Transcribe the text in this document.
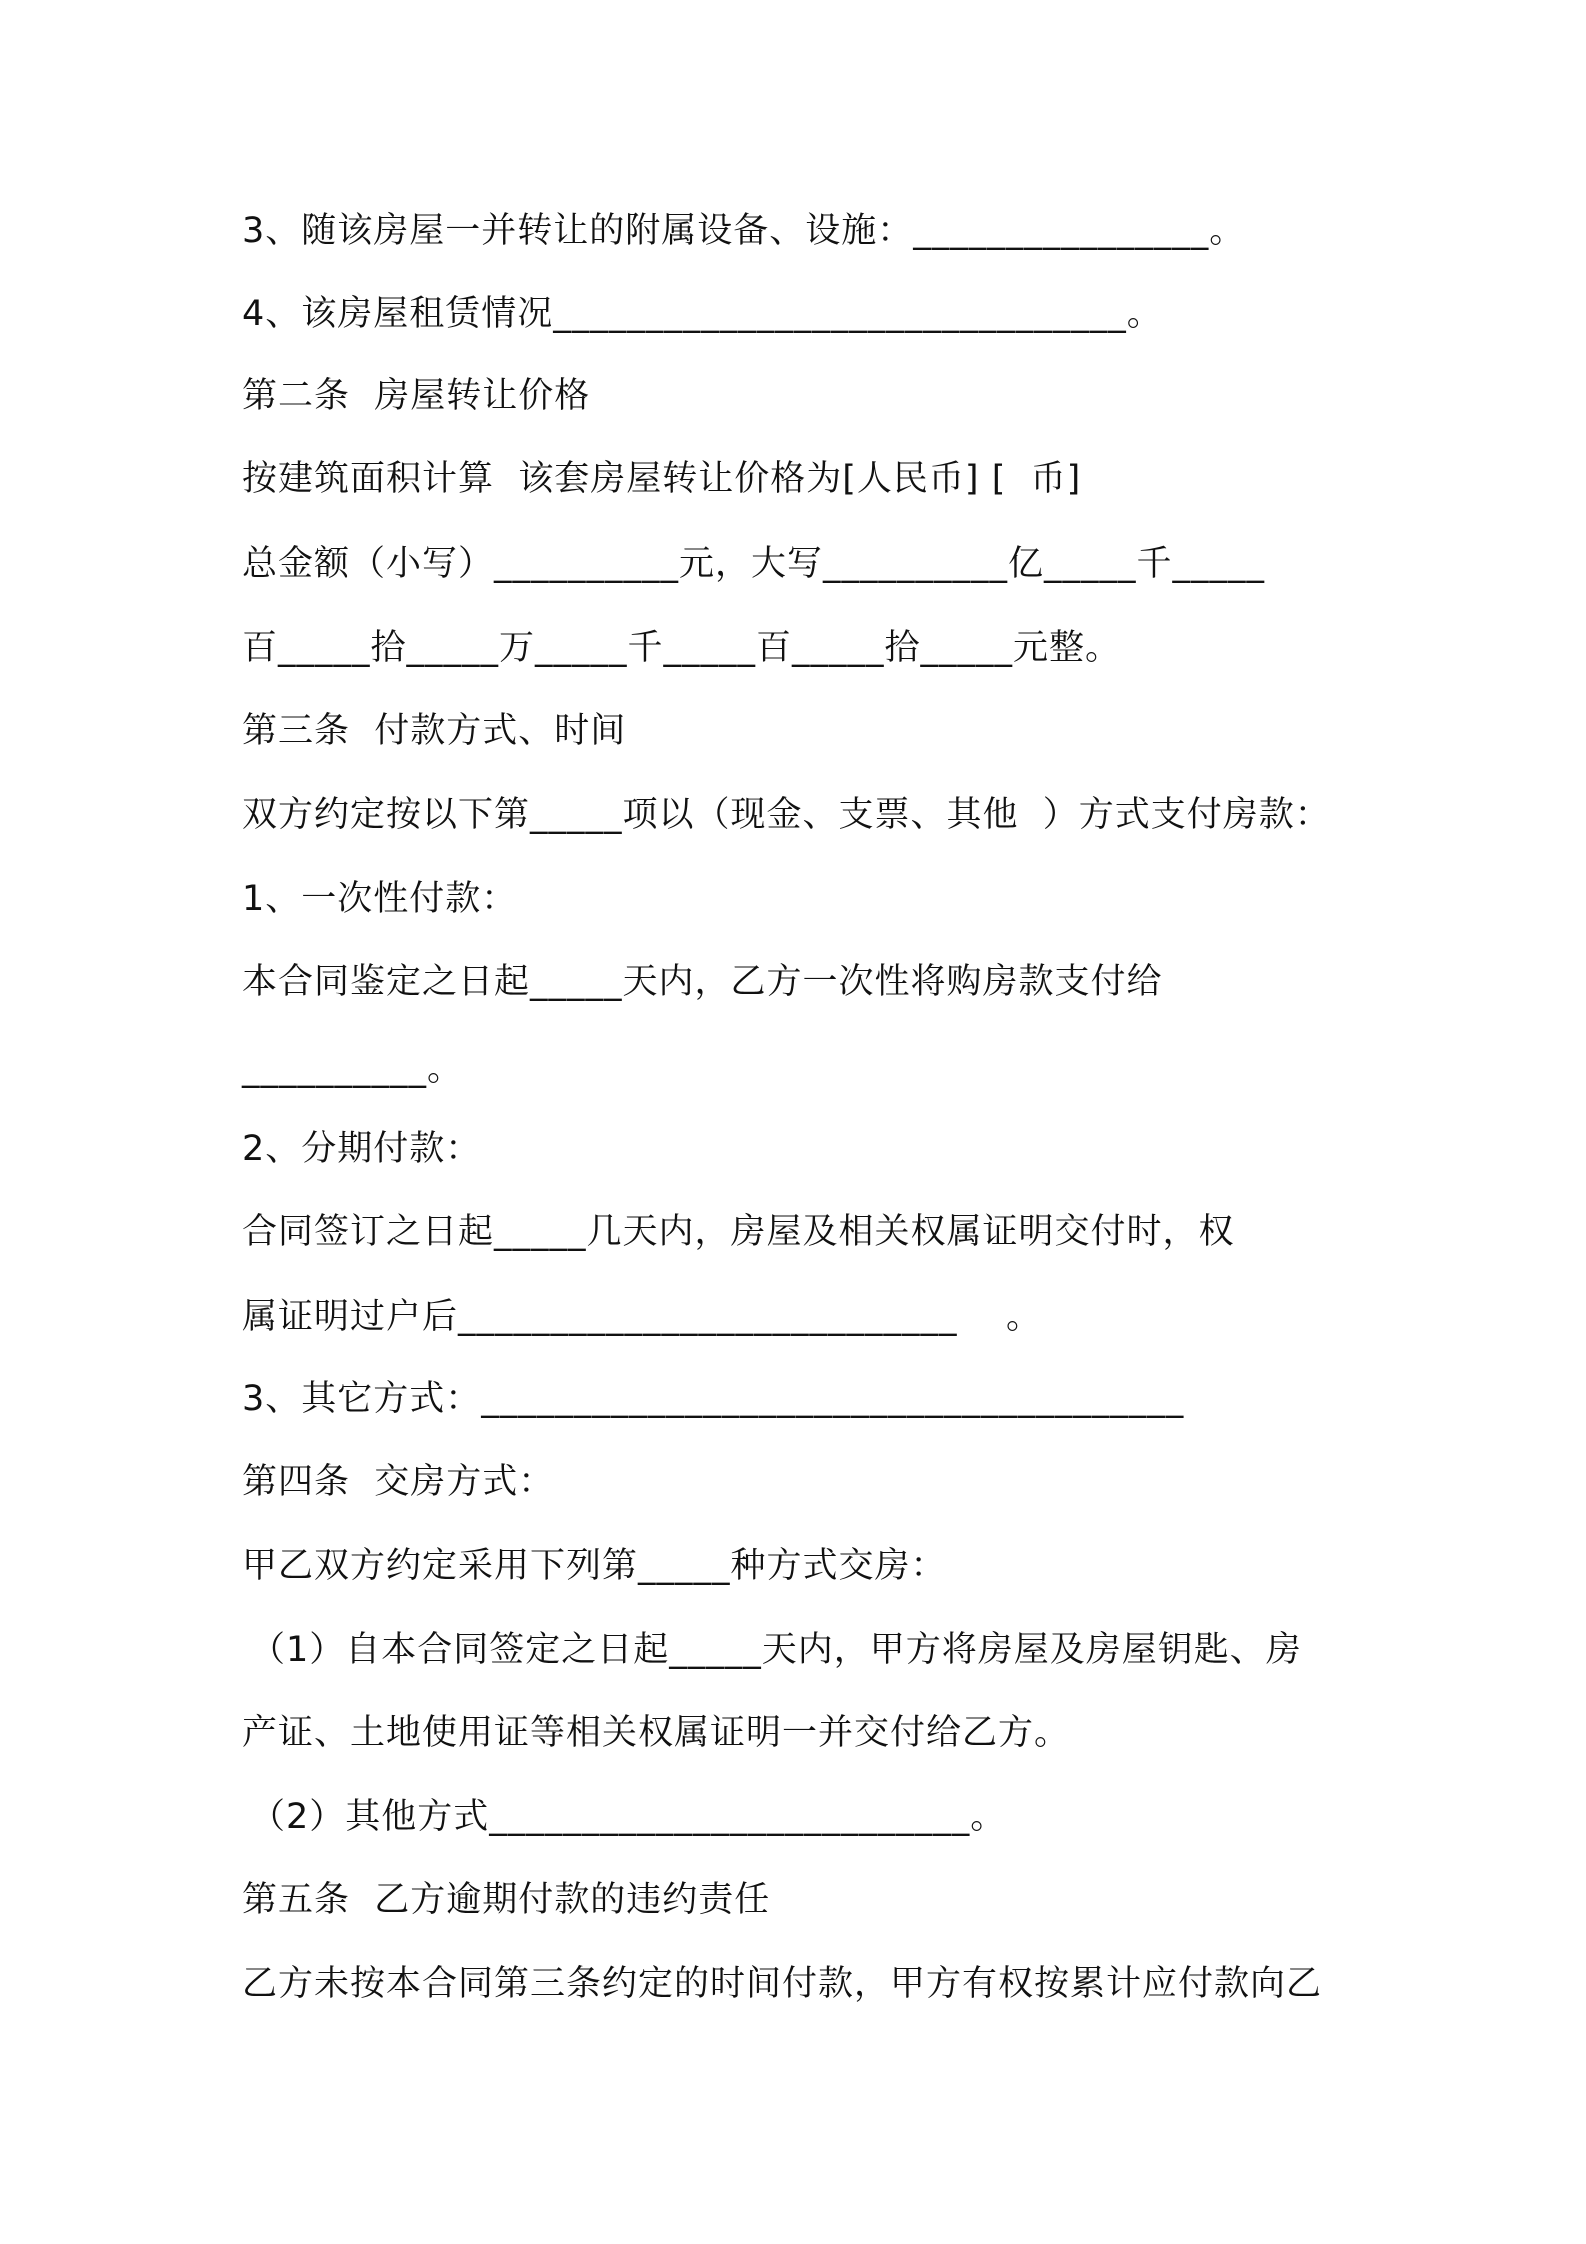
3、随该房屋一并转让的附属设备、设施：________________。
4、该房屋租赁情况_______________________________。
第二条  房屋转让价格
按建筑面积计算  该套房屋转让价格为[人民币] [  币]
总金额（小写）__________元，大写__________亿_____千_____
百_____拾_____万_____千_____百_____拾_____元整。
第三条  付款方式、时间
双方约定按以下第_____项以（现金、支票、其他  ）方式支付房款：
1、一次性付款：
本合同鉴定之日起_____天内，乙方一次性将购房款支付给
__________。
2、分期付款：
合同签订之日起_____几天内，房屋及相关权属证明交付时，权
属证明过户后___________________________    。
3、其它方式：______________________________________
第四条  交房方式：
甲乙双方约定采用下列第_____种方式交房：
（1）自本合同签定之日起_____天内，甲方将房屋及房屋钥匙、房
产证、土地使用证等相关权属证明一并交付给乙方。
（2）其他方式__________________________。
第五条  乙方逾期付款的违约责任
乙方未按本合同第三条约定的时间付款，甲方有权按累计应付款向乙
